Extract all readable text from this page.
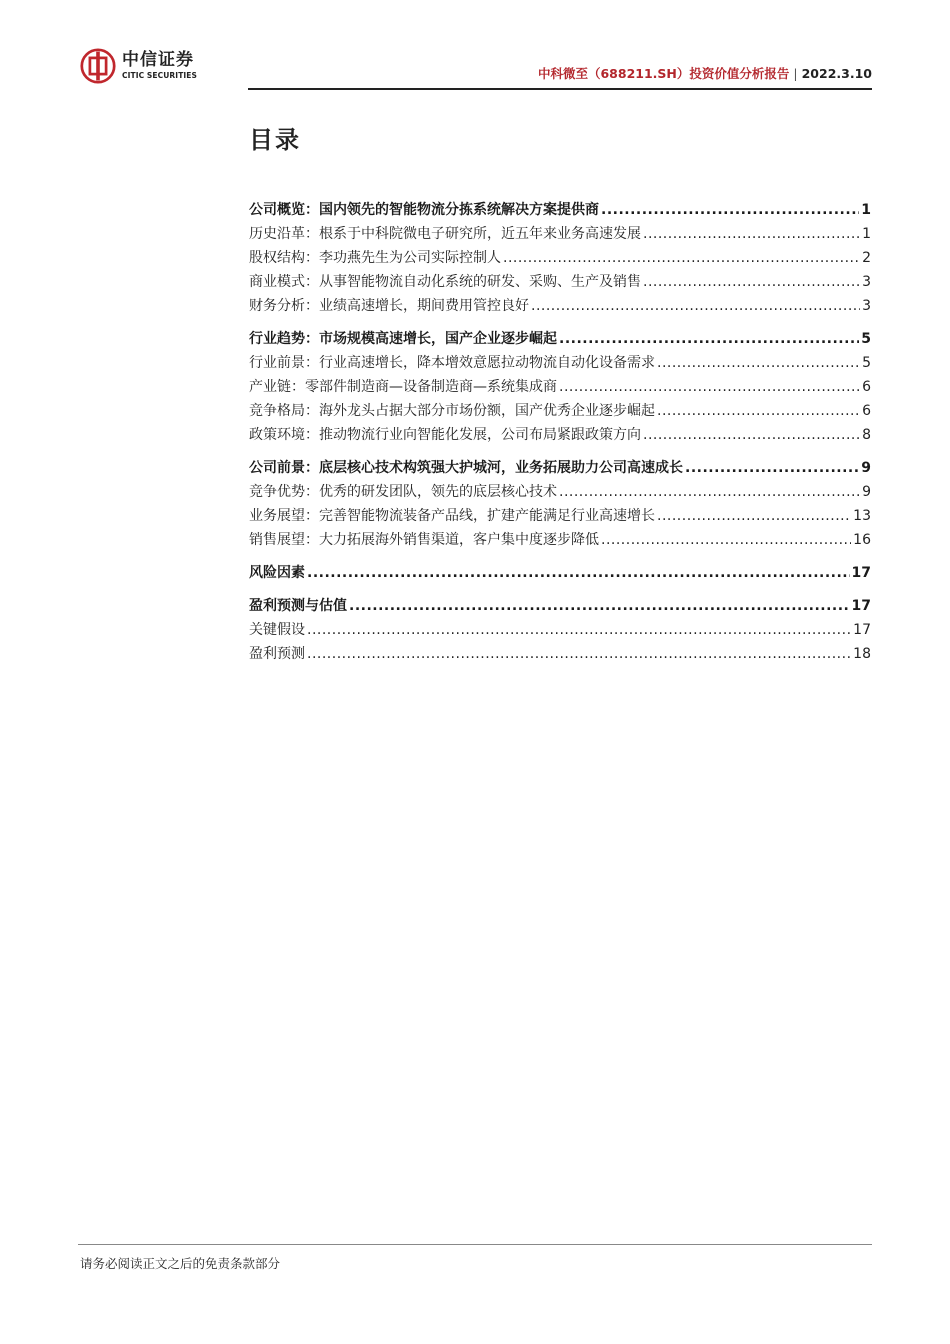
中信证券
CITIC SECURITIES	中科微至（688211.SH）投资价值分析报告 | 2022.3.10
目录
公司概览：国内领先的智能物流分拣系统解决方案提供商 .....	1
历史沿革：根系于中科院微电子研究所，近五年来业务高速发展 .....	1
股权结构：李功燕先生为公司实际控制人 .....	2
商业模式：从事智能物流自动化系统的研发、采购、生产及销售 .....	3
财务分析：业绩高速增长，期间费用管控良好 .....	3
行业趋势：市场规模高速增长，国产企业逐步崛起 .....	5
行业前景：行业高速增长，降本增效意愿拉动物流自动化设备需求 .....	5
产业链：零部件制造商—设备制造商—系统集成商 .....	6
竞争格局：海外龙头占据大部分市场份额，国产优秀企业逐步崛起 .....	6
政策环境：推动物流行业向智能化发展，公司布局紧跟政策方向 .....	8
公司前景：底层核心技术构筑强大护城河，业务拓展助力公司高速成长 .....	9
竞争优势：优秀的研发团队，领先的底层核心技术 .....	9
业务展望：完善智能物流装备产品线，扩建产能满足行业高速增长 .....	13
销售展望：大力拓展海外销售渠道，客户集中度逐步降低 .....	16
风险因素 .....	17
盈利预测与估值 .....	17
关键假设 .....	17
盈利预测 .....	18
请务必阅读正文之后的免责条款部分
